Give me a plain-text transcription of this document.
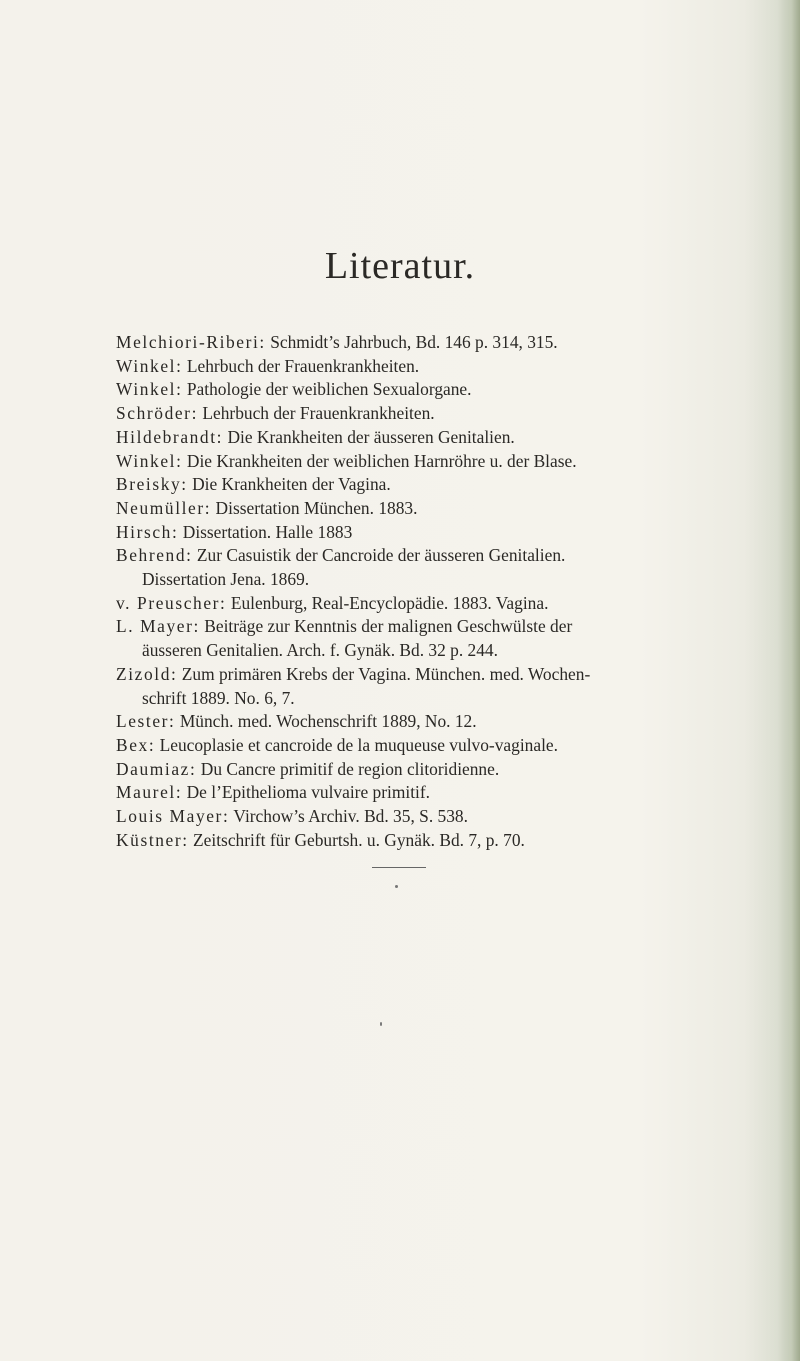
Literatur.
Melchiori-Riberi: Schmidt’s Jahrbuch, Bd. 146 p. 314, 315.
Winkel: Lehrbuch der Frauenkrankheiten.
Winkel: Pathologie der weiblichen Sexualorgane.
Schröder: Lehrbuch der Frauenkrankheiten.
Hildebrandt: Die Krankheiten der äusseren Genitalien.
Winkel: Die Krankheiten der weiblichen Harnröhre u. der Blase.
Breisky: Die Krankheiten der Vagina.
Neumüller: Dissertation München. 1883.
Hirsch: Dissertation. Halle 1883
Behrend: Zur Casuistik der Cancroide der äusseren Genitalien.
Dissertation Jena. 1869.
v. Preuscher: Eulenburg, Real-Encyclopädie. 1883. Vagina.
L. Mayer: Beiträge zur Kenntnis der malignen Geschwülste der
äusseren Genitalien. Arch. f. Gynäk. Bd. 32 p. 244.
Zizold: Zum primären Krebs der Vagina. München. med. Wochen-
schrift 1889. No. 6, 7.
Lester: Münch. med. Wochenschrift 1889, No. 12.
Bex: Leucoplasie et cancroide de la muqueuse vulvo-vaginale.
Daumiaz: Du Cancre primitif de region clitoridienne.
Maurel: De l’Epithelioma vulvaire primitif.
Louis Mayer: Virchow’s Archiv. Bd. 35, S. 538.
Küstner: Zeitschrift für Geburtsh. u. Gynäk. Bd. 7, p. 70.
